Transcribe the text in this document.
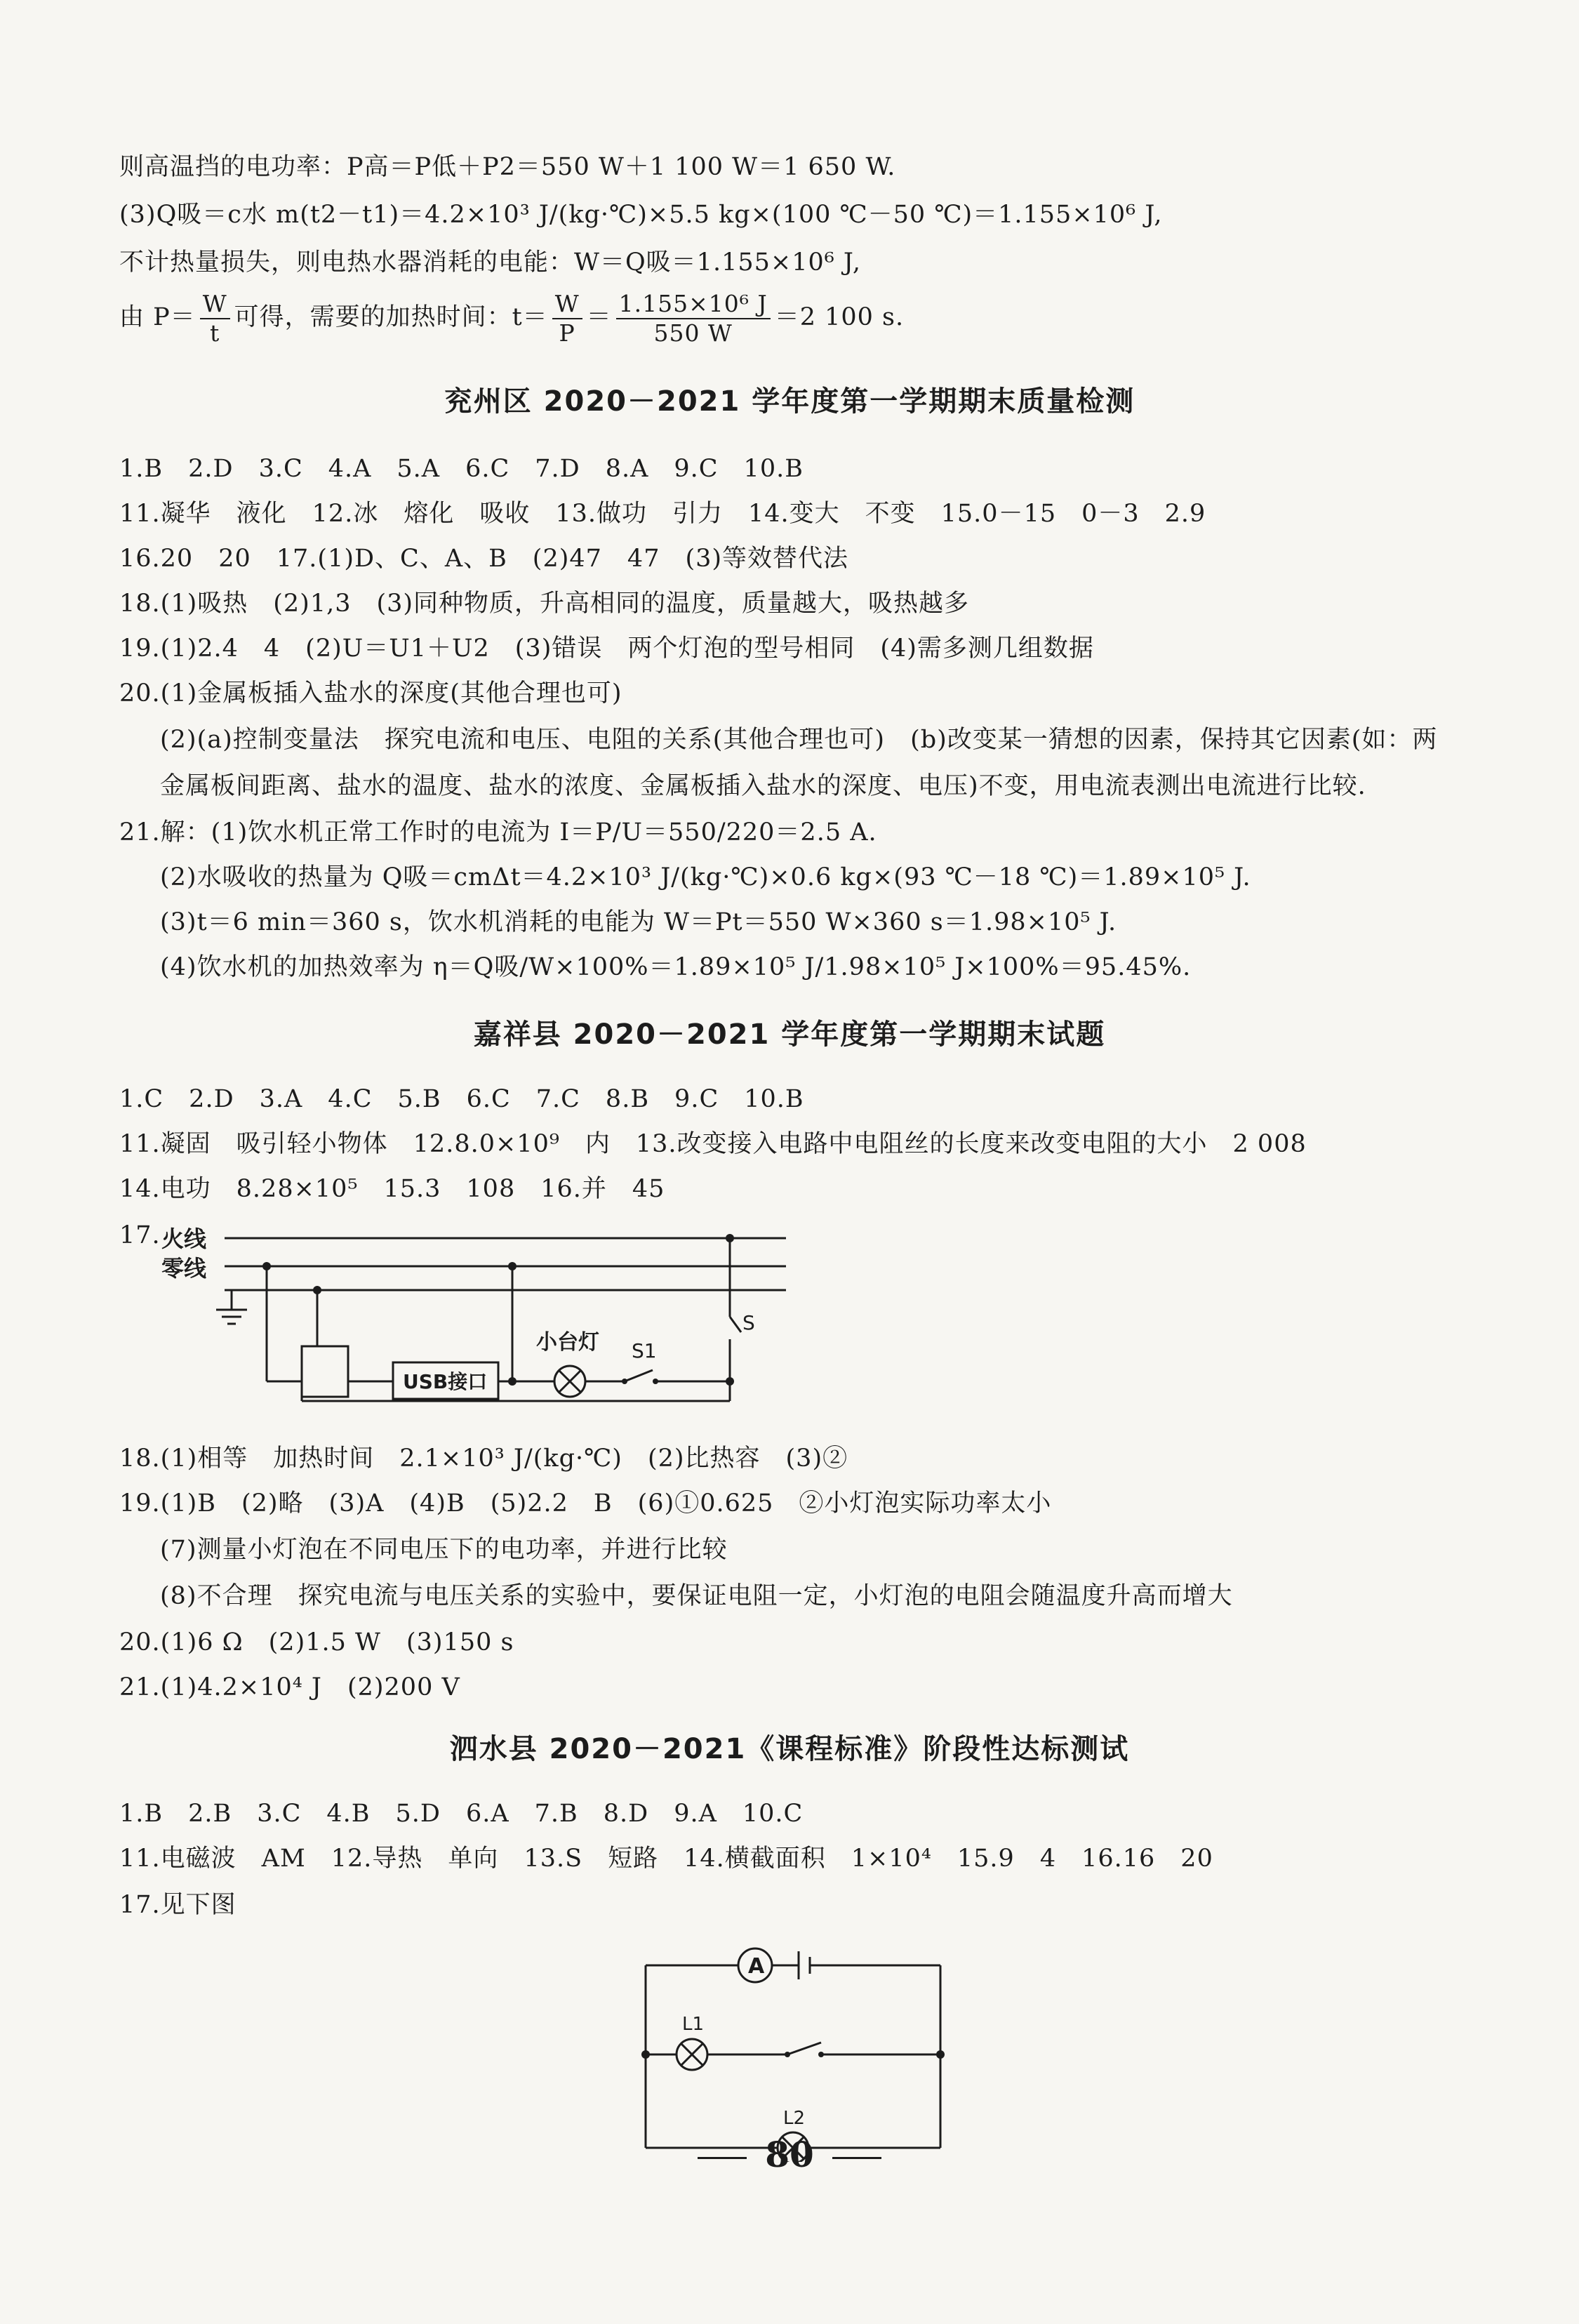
则高温挡的电功率：P高＝P低＋P2＝550 W＋1 100 W＝1 650 W.
(3)Q吸＝c水 m(t2－t1)＝4.2×10³ J/(kg·℃)×5.5 kg×(100 ℃－50 ℃)＝1.155×10⁶ J,
不计热量损失，则电热水器消耗的电能：W＝Q吸＝1.155×10⁶ J,
由 $P= \frac{W}{t}$ 可得，需要的加热时间：$t= \frac{W}{P} = \frac{\text{1.155×10⁶ J}}{550 W} =2$ 100 s.
兖州区 2020－2021 学年度第一学期期末质量检测
1.B　2.D　3.C　4.A　5.A　6.C　7.D　8.A　9.C　10.B
11.凝华　液化　12.冰　熔化　吸收　13.做功　引力　14.变大　不变　15.0－15　0－3　2.9
16.20　20　17.(1)D、C、A、B　(2)47　47　(3)等效替代法
18.(1)吸热　(2)1,3　(3)同种物质，升高相同的温度，质量越大，吸热越多
19.(1)2.4　4　(2)U＝U1＋U2　(3)错误　两个灯泡的型号相同　(4)需多测几组数据
20.(1)金属板插入盐水的深度(其他合理也可)
(2)(a)控制变量法　探究电流和电压、电阻的关系(其他合理也可)　(b)改变某一猜想的因素，保持其它因素(如：两
金属板间距离、盐水的温度、盐水的浓度、金属板插入盐水的深度、电压)不变，用电流表测出电流进行比较.
21.解：(1)饮水机正常工作时的电流为 I＝P/U＝550/220＝2.5 A.
(2)水吸收的热量为 Q吸＝cmΔt＝4.2×10³ J/(kg·℃)×0.6 kg×(93 ℃－18 ℃)＝1.89×10⁵ J.
(3)t＝6 min＝360 s，饮水机消耗的电能为 W＝Pt＝550 W×360 s＝1.98×10⁵ J.
(4)饮水机的加热效率为 η＝Q吸/W×100%＝1.89×10⁵ J/1.98×10⁵ J×100%＝95.45%.
嘉祥县 2020－2021 学年度第一学期期末试题
1.C　2.D　3.A　4.C　5.B　6.C　7.C　8.B　9.C　10.B
11.凝固　吸引轻小物体　12.8.0×10⁹　内　13.改变接入电路中电阻丝的长度来改变电阻的大小　2 008
14.电功　8.28×10⁵　15.3　108　16.并　45
17. 火线
零线
USB接口
小台灯 S1
S
18.(1)相等　加热时间　2.1×10³ J/(kg·℃)　(2)比热容　(3)②
19.(1)B　(2)略　(3)A　(4)B　(5)2.2　B　(6)①0.625　②小灯泡实际功率太小
(7)测量小灯泡在不同电压下的电功率，并进行比较
(8)不合理　探究电流与电压关系的实验中，要保证电阻一定，小灯泡的电阻会随温度升高而增大
20.(1)6 Ω　(2)1.5 W　(3)150 s
21.(1)4.2×10⁴ J　(2)200 V
泗水县 2020－2021《课程标准》阶段性达标测试
1.B　2.B　3.C　4.B　5.D　6.A　7.B　8.D　9.A　10.C
11.电磁波　AM　12.导热　单向　13.S　短路　14.横截面积　1×10⁴　15.9　4　16.16　20
17.见下图
A
L1
L2
80
